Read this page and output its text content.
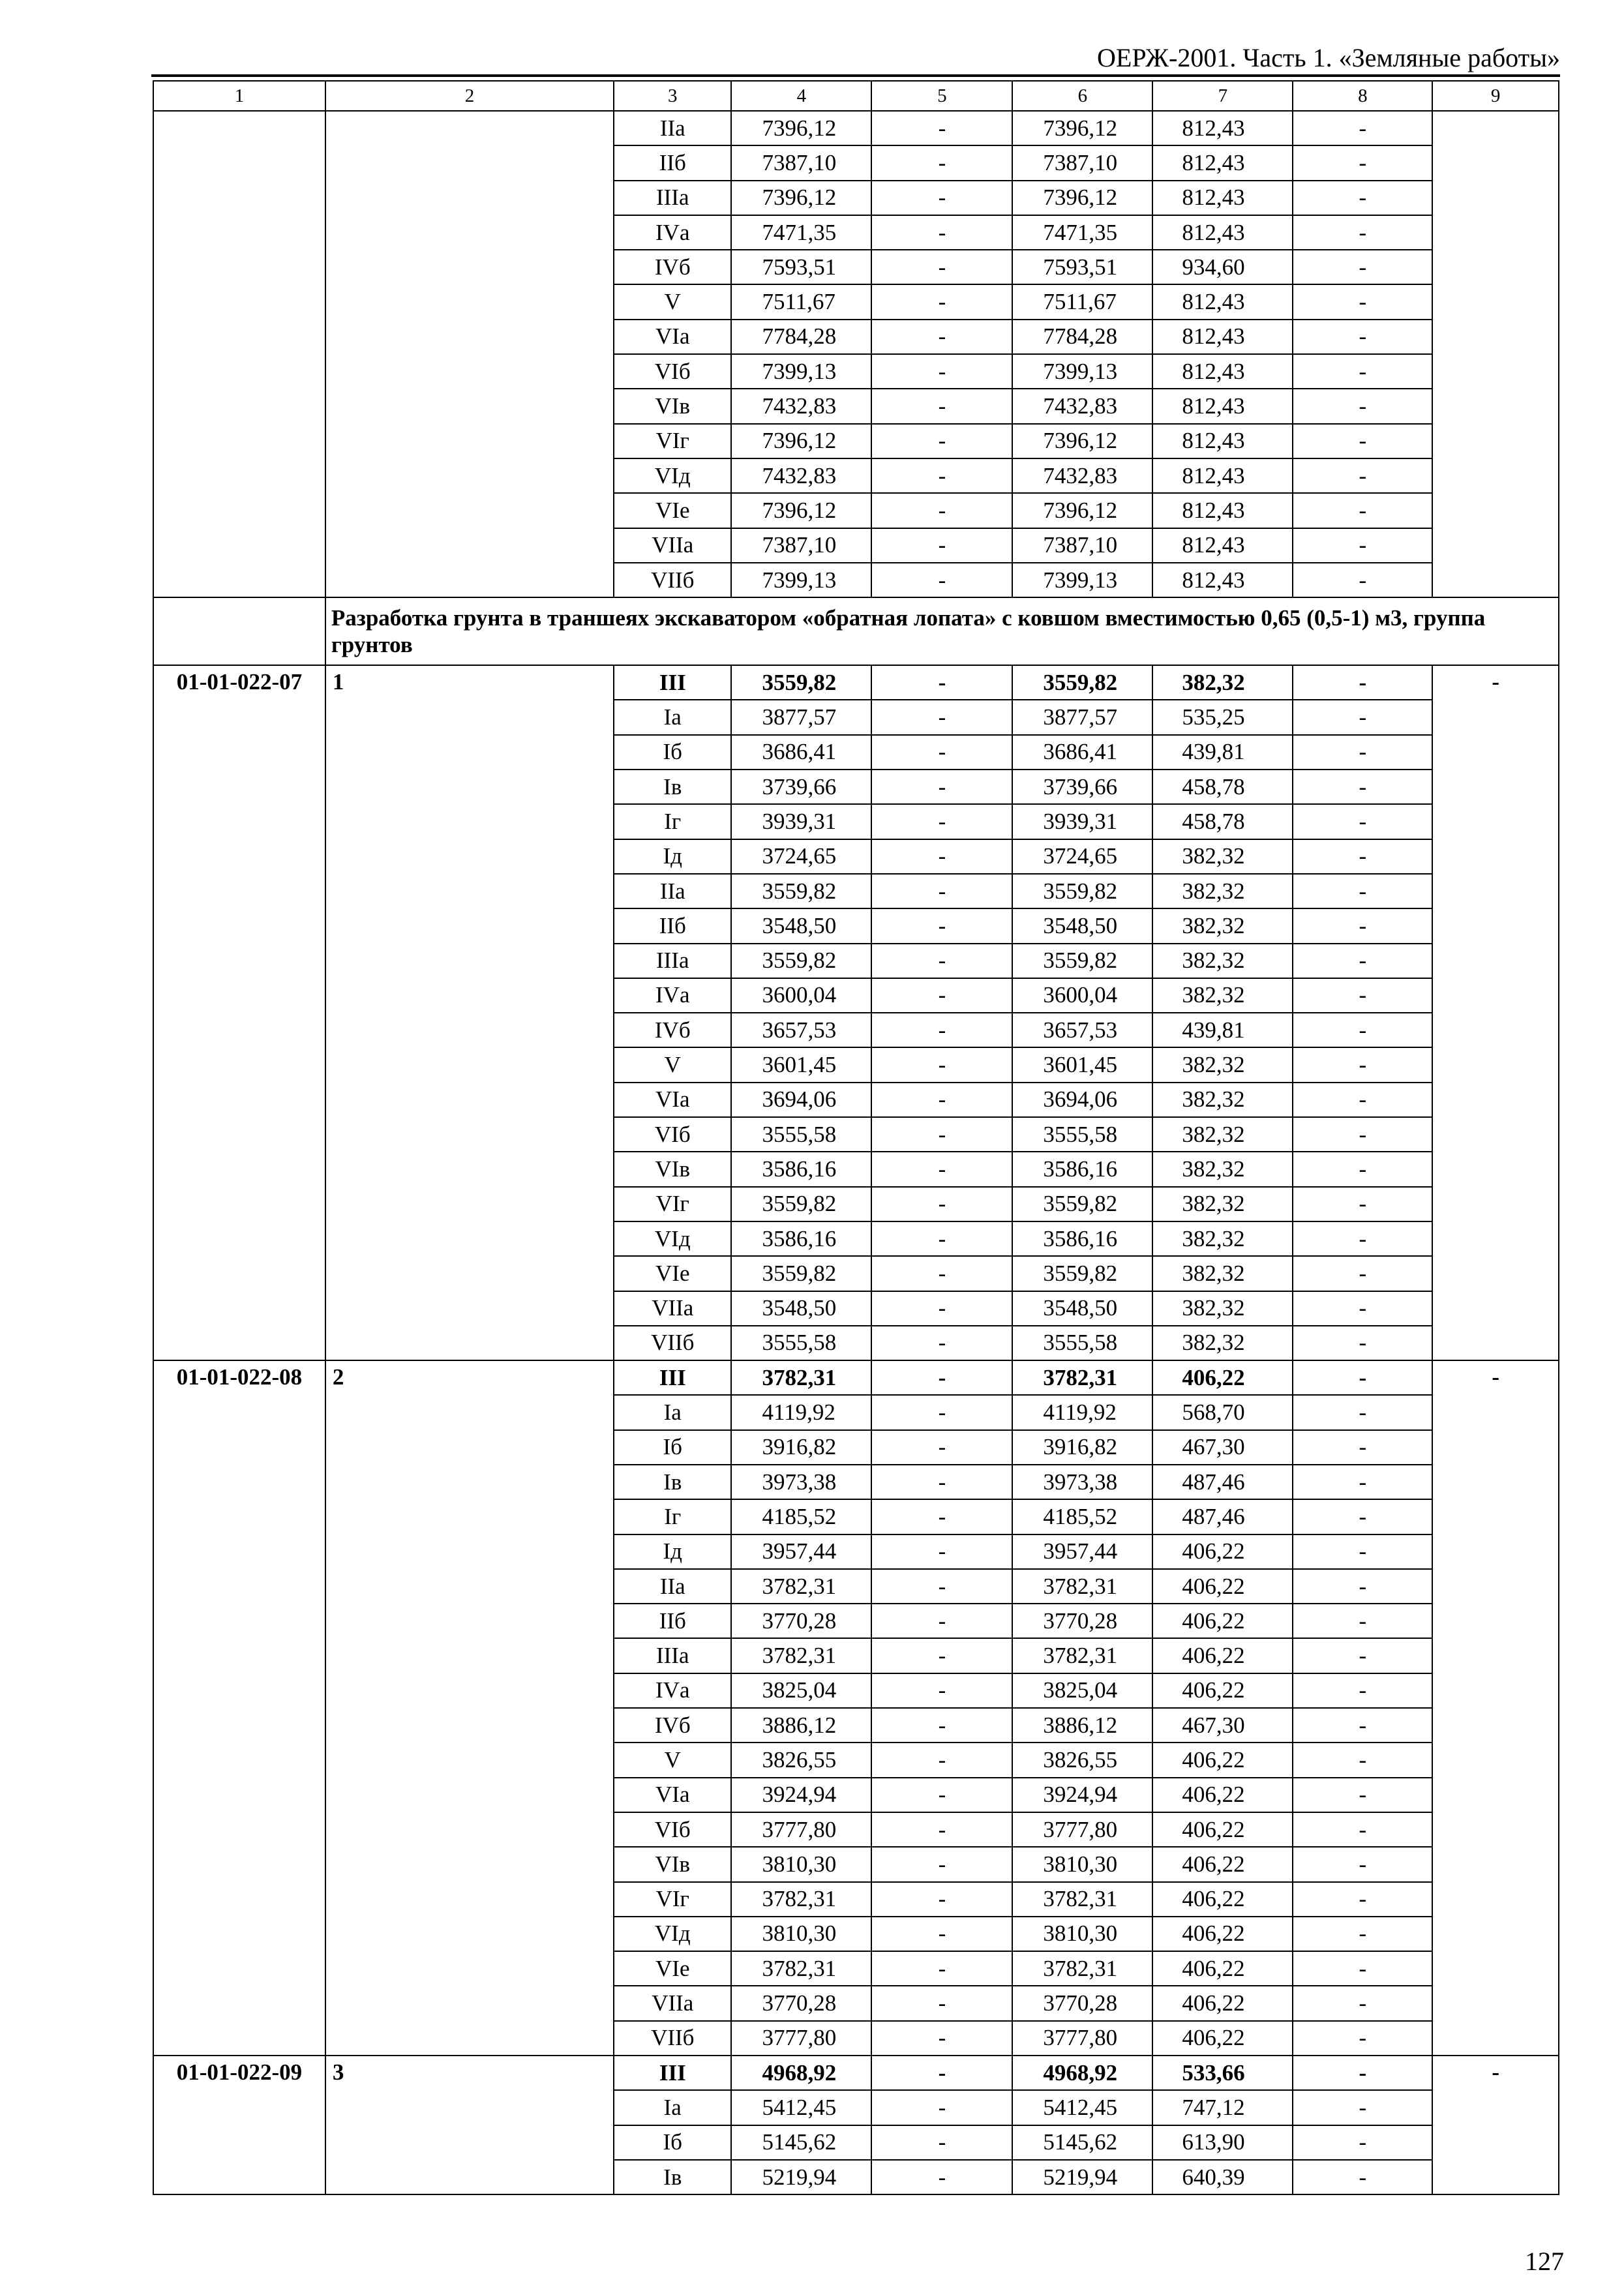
ОЕРЖ-2001. Часть 1. «Земляные работы»
1	2	3	4	5	6	7	8	9
		IIа	7396,12	-	7396,12	812,43	-	
		IIб	7387,10	-	7387,10	812,43	-	
		IIIа	7396,12	-	7396,12	812,43	-	
		IVа	7471,35	-	7471,35	812,43	-	
		IVб	7593,51	-	7593,51	934,60	-	
		V	7511,67	-	7511,67	812,43	-	
		VIа	7784,28	-	7784,28	812,43	-	
		VIб	7399,13	-	7399,13	812,43	-	
		VIв	7432,83	-	7432,83	812,43	-	
		VIг	7396,12	-	7396,12	812,43	-	
		VIд	7432,83	-	7432,83	812,43	-	
		VIе	7396,12	-	7396,12	812,43	-	
		VIIа	7387,10	-	7387,10	812,43	-	
		VIIб	7399,13	-	7399,13	812,43	-	
	Разработка грунта в траншеях экскаватором «обратная лопата» с ковшом вместимостью 0,65 (0,5-1) м3, группа грунтов							
01-01-022-07	1	III	3559,82	-	3559,82	382,32	-	-
		Iа	3877,57	-	3877,57	535,25	-	
		Iб	3686,41	-	3686,41	439,81	-	
		Iв	3739,66	-	3739,66	458,78	-	
		Iг	3939,31	-	3939,31	458,78	-	
		Iд	3724,65	-	3724,65	382,32	-	
		IIа	3559,82	-	3559,82	382,32	-	
		IIб	3548,50	-	3548,50	382,32	-	
		IIIа	3559,82	-	3559,82	382,32	-	
		IVа	3600,04	-	3600,04	382,32	-	
		IVб	3657,53	-	3657,53	439,81	-	
		V	3601,45	-	3601,45	382,32	-	
		VIа	3694,06	-	3694,06	382,32	-	
		VIб	3555,58	-	3555,58	382,32	-	
		VIв	3586,16	-	3586,16	382,32	-	
		VIг	3559,82	-	3559,82	382,32	-	
		VIд	3586,16	-	3586,16	382,32	-	
		VIе	3559,82	-	3559,82	382,32	-	
		VIIа	3548,50	-	3548,50	382,32	-	
		VIIб	3555,58	-	3555,58	382,32	-	
01-01-022-08	2	III	3782,31	-	3782,31	406,22	-	-
		Iа	4119,92	-	4119,92	568,70	-	
		Iб	3916,82	-	3916,82	467,30	-	
		Iв	3973,38	-	3973,38	487,46	-	
		Iг	4185,52	-	4185,52	487,46	-	
		Iд	3957,44	-	3957,44	406,22	-	
		IIа	3782,31	-	3782,31	406,22	-	
		IIб	3770,28	-	3770,28	406,22	-	
		IIIа	3782,31	-	3782,31	406,22	-	
		IVа	3825,04	-	3825,04	406,22	-	
		IVб	3886,12	-	3886,12	467,30	-	
		V	3826,55	-	3826,55	406,22	-	
		VIа	3924,94	-	3924,94	406,22	-	
		VIб	3777,80	-	3777,80	406,22	-	
		VIв	3810,30	-	3810,30	406,22	-	
		VIг	3782,31	-	3782,31	406,22	-	
		VIд	3810,30	-	3810,30	406,22	-	
		VIе	3782,31	-	3782,31	406,22	-	
		VIIа	3770,28	-	3770,28	406,22	-	
		VIIб	3777,80	-	3777,80	406,22	-	
01-01-022-09	3	III	4968,92	-	4968,92	533,66	-	-
		Iа	5412,45	-	5412,45	747,12	-	
		Iб	5145,62	-	5145,62	613,90	-	
		Iв	5219,94	-	5219,94	640,39	-	
127
